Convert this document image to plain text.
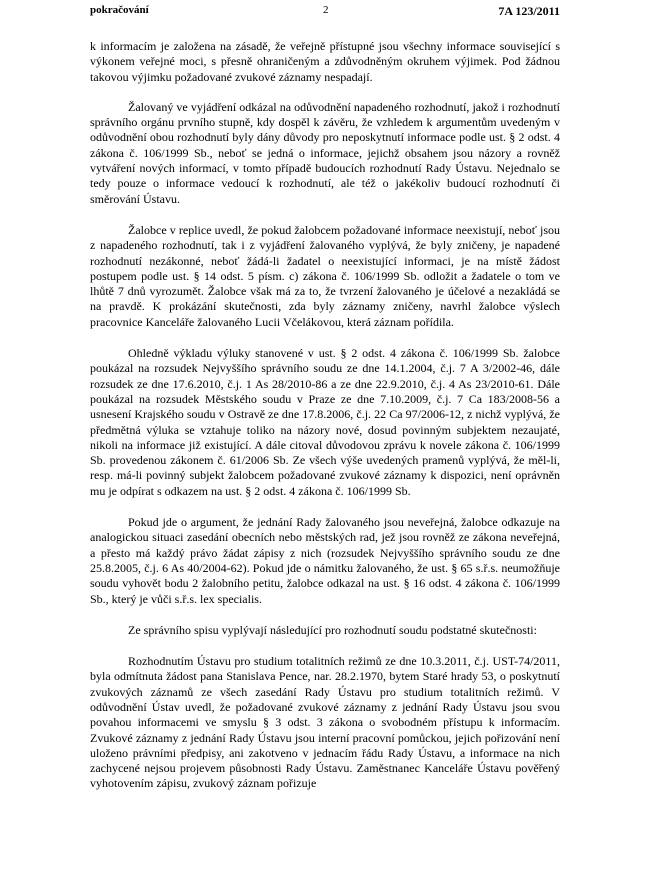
pokračování	2	7A 123/2011

k informacím je založena na zásadě, že veřejně přístupné jsou všechny informace související s výkonem veřejné moci, s přesně ohraničeným a zdůvodněným okruhem výjimek. Pod žádnou takovou výjimku požadované zvukové záznamy nespadají.

Žalovaný ve vyjádření odkázal na odůvodnění napadeného rozhodnutí, jakož i rozhodnutí správního orgánu prvního stupně, kdy dospěl k závěru, že vzhledem k argumentům uvedeným v odůvodnění obou rozhodnutí byly dány důvody pro neposkytnutí informace podle ust. § 2 odst. 4 zákona č. 106/1999 Sb., neboť se jedná o informace, jejichž obsahem jsou názory a rovněž vytváření nových informací, v tomto případě budoucích rozhodnutí Rady Ústavu. Nejednalo se tedy pouze o informace vedoucí k rozhodnutí, ale též o jakékoliv budoucí rozhodnutí či směrování Ústavu.

Žalobce v replice uvedl, že pokud žalobcem požadované informace neexistují, neboť jsou z napadeného rozhodnutí, tak i z vyjádření žalovaného vyplývá, že byly zničeny, je napadené rozhodnutí nezákonné, neboť žádá-li žadatel o neexistující informaci, je na místě žádost postupem podle ust. § 14 odst. 5 písm. c) zákona č. 106/1999 Sb. odložit a žadatele o tom ve lhůtě 7 dnů vyrozumět. Žalobce však má za to, že tvrzení žalovaného je účelové a nezakládá se na pravdě. K prokázání skutečnosti, zda byly záznamy zničeny, navrhl žalobce výslech pracovnice Kanceláře žalovaného Lucii Včelákovou, která záznam pořídila.

Ohledně výkladu výluky stanovené v ust. § 2 odst. 4 zákona č. 106/1999 Sb. žalobce poukázal na rozsudek Nejvyššího správního soudu ze dne 14.1.2004, č.j. 7 A 3/2002-46, dále rozsudek ze dne 17.6.2010, č.j. 1 As 28/2010-86 a ze dne 22.9.2010, č.j. 4 As 23/2010-61. Dále poukázal na rozsudek Městského soudu v Praze ze dne 7.10.2009, č.j. 7 Ca 183/2008-56 a usnesení Krajského soudu v Ostravě ze dne 17.8.2006, č.j. 22 Ca 97/2006-12, z nichž vyplývá, že předmětná výluka se vztahuje toliko na názory nové, dosud povinným subjektem nezaujaté, nikoli na informace již existující. A dále citoval důvodovou zprávu k novele zákona č. 106/1999 Sb. provedenou zákonem č. 61/2006 Sb. Ze všech výše uvedených pramenů vyplývá, že měl-li, resp. má-li povinný subjekt žalobcem požadované zvukové záznamy k dispozici, není oprávněn mu je odpírat s odkazem na ust. § 2 odst. 4 zákona č. 106/1999 Sb.

Pokud jde o argument, že jednání Rady žalovaného jsou neveřejná, žalobce odkazuje na analogickou situaci zasedání obecních nebo městských rad, jež jsou rovněž ze zákona neveřejná, a přesto má každý právo žádat zápisy z nich (rozsudek Nejvyššího správního soudu ze dne 25.8.2005, č.j. 6 As 40/2004-62). Pokud jde o námitku žalovaného, že ust. § 65 s.ř.s. neumožňuje soudu vyhovět bodu 2 žalobního petitu, žalobce odkazal na ust. § 16 odst. 4 zákona č. 106/1999 Sb., který je vůči s.ř.s. lex specialis.

Ze správního spisu vyplývají následující pro rozhodnutí soudu podstatné skutečnosti:

Rozhodnutím Ústavu pro studium totalitních režimů ze dne 10.3.2011, č.j. UST-74/2011, byla odmítnuta žádost pana Stanislava Pence, nar. 28.2.1970, bytem Staré hrady 53, o poskytnutí zvukových záznamů ze všech zasedání Rady Ústavu pro studium totalitních režimů. V odůvodnění Ústav uvedl, že požadované zvukové záznamy z jednání Rady Ústavu jsou svou povahou informacemi ve smyslu § 3 odst. 3 zákona o svobodném přístupu k informacím. Zvukové záznamy z jednání Rady Ústavu jsou interní pracovní pomůckou, jejich pořizování není uloženo právními předpisy, ani zakotveno v jednacím řádu Rady Ústavu, a informace na nich zachycené nejsou projevem působnosti Rady Ústavu. Zaměstnanec Kanceláře Ústavu pověřený vyhotovením zápisu, zvukový záznam pořizuje
